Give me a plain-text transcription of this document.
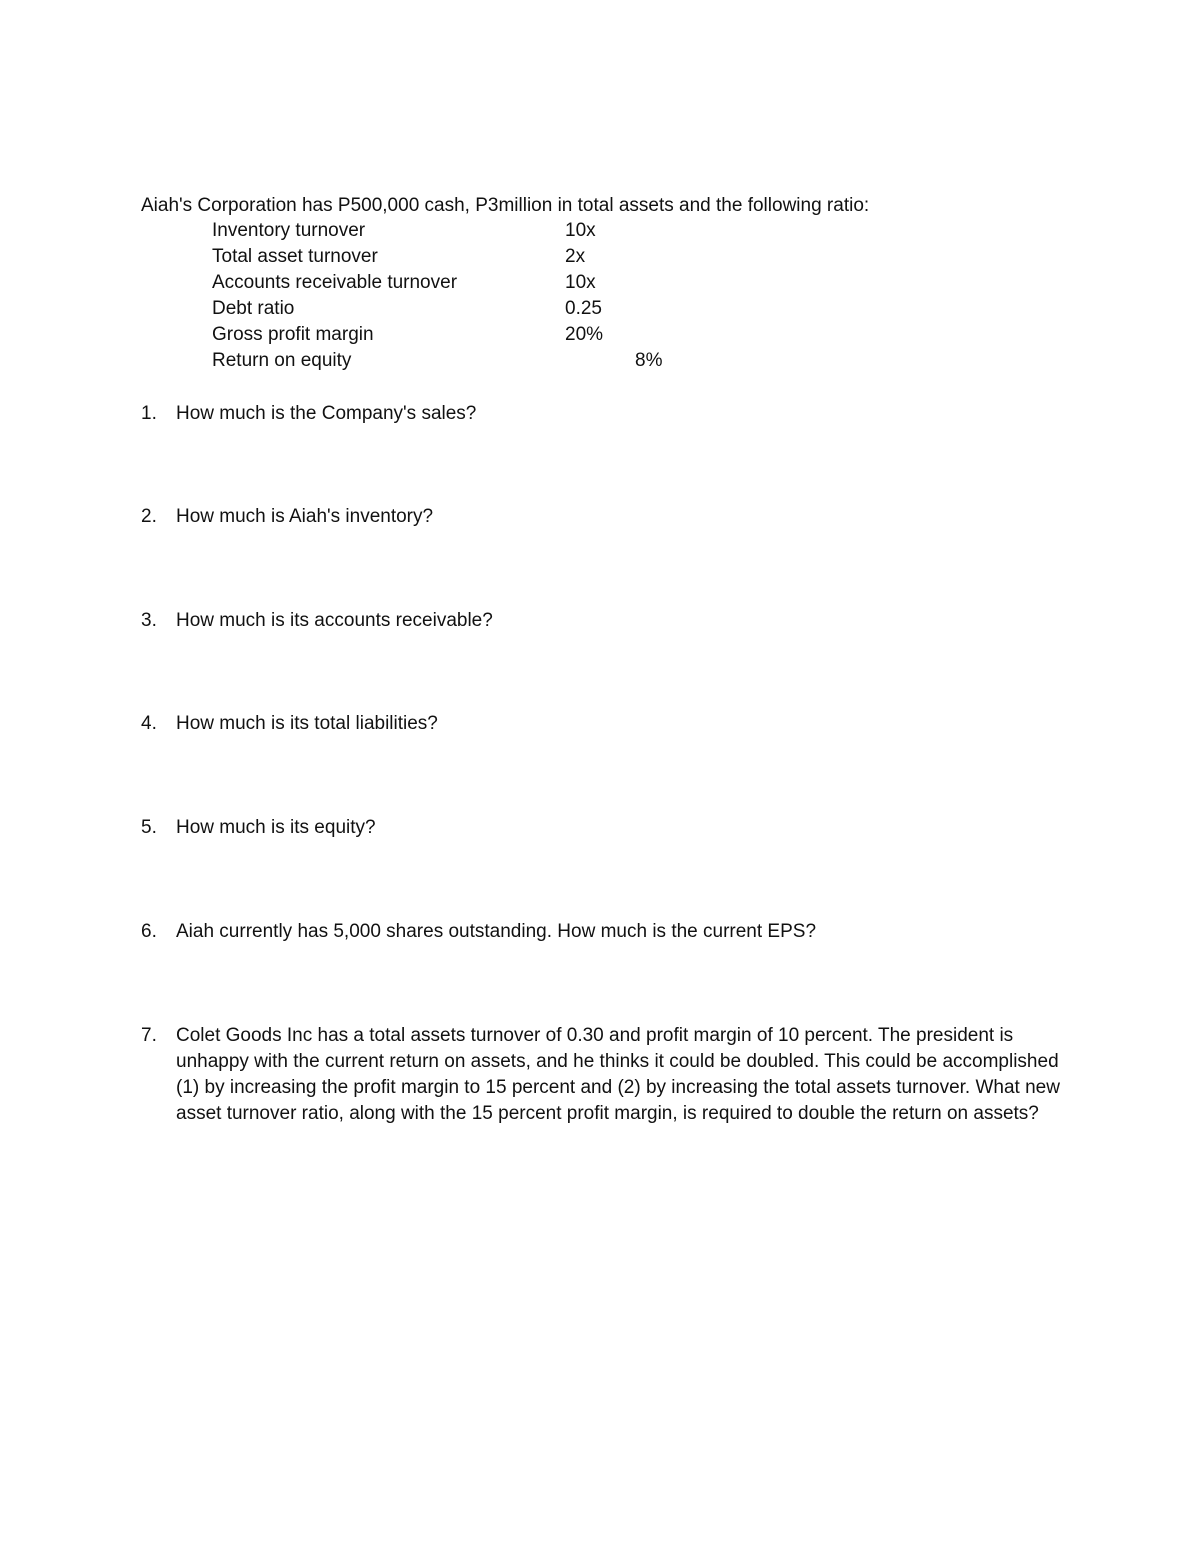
Aiah's Corporation has P500,000 cash, P3million in total assets and the following ratio:
Inventory turnover	10x
Total asset turnover	2x
Accounts receivable turnover	10x
Debt ratio	0.25
Gross profit margin	20%
Return on equity	8%
1.	How much is the Company's sales?
2.	How much is Aiah's inventory?
3.	How much is its accounts receivable?
4.	How much is its total liabilities?
5.	How much is its equity?
6.	Aiah currently has 5,000 shares outstanding. How much is the current EPS?
7.	Colet Goods Inc has a total assets turnover of 0.30 and profit margin of 10 percent. The president is unhappy with the current return on assets, and he thinks it could be doubled. This could be accomplished (1) by increasing the profit margin to 15 percent and (2) by increasing the total assets turnover. What new asset turnover ratio, along with the 15 percent profit margin, is required to double the return on assets?
